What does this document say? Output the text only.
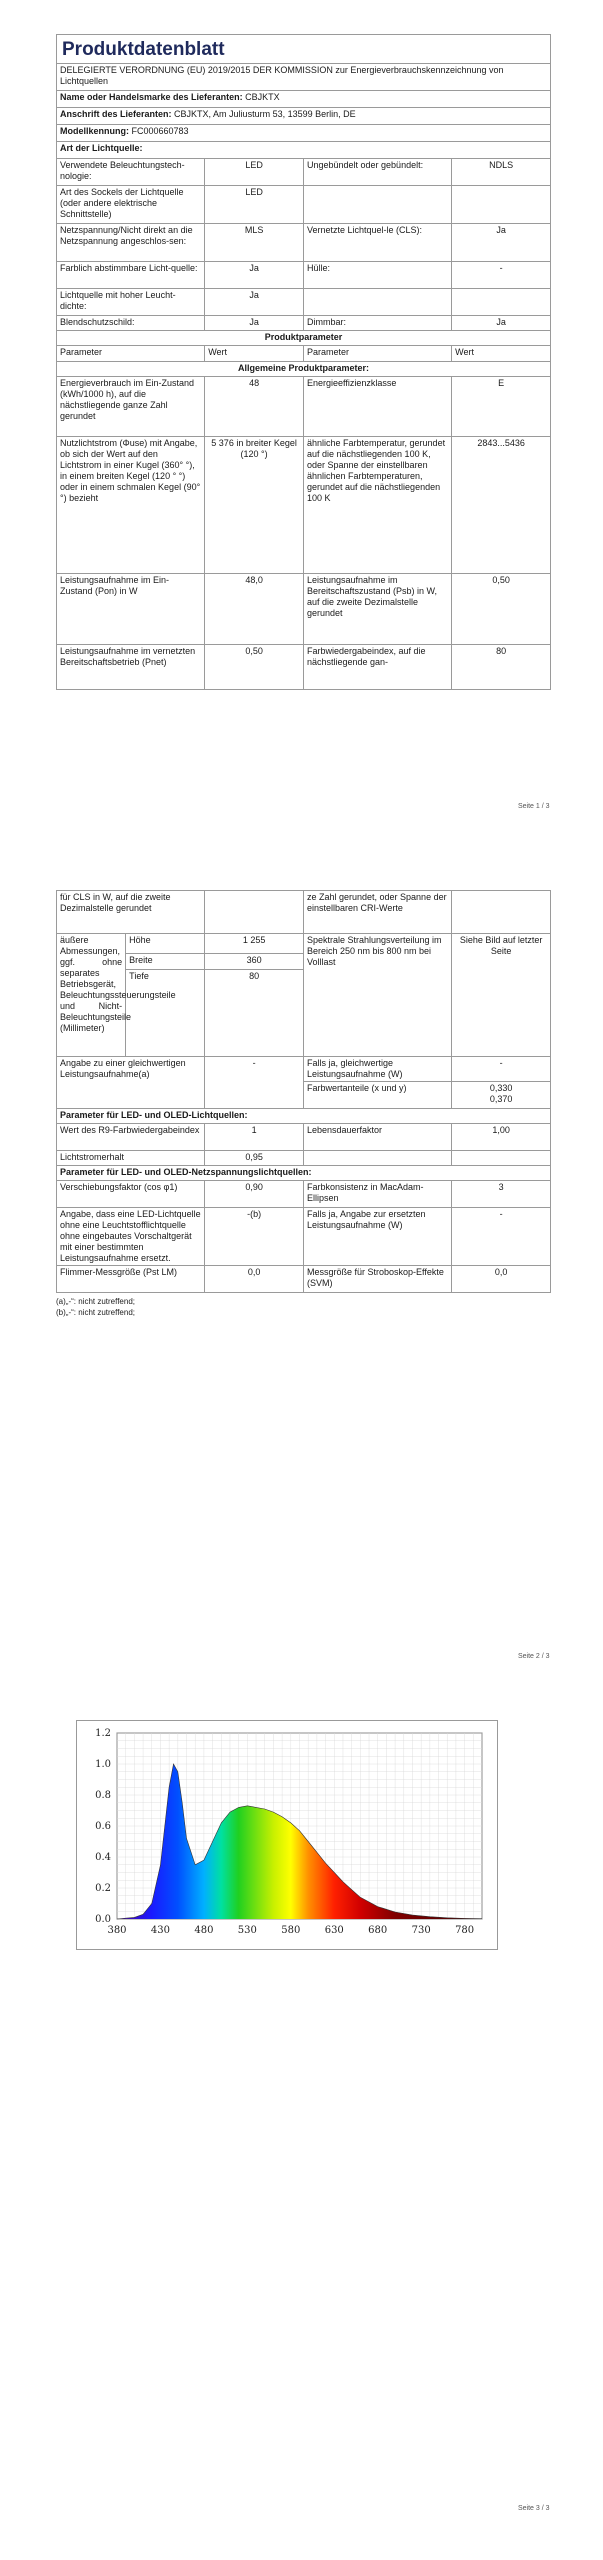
Produktdatenblatt
DELEGIERTE VERORDNUNG (EU) 2019/2015 DER KOMMISSION zur Energieverbrauchskennzeichnung von Lichtquellen			
Name oder Handelsmarke des Lieferanten: CBJKTX			
Anschrift des Lieferanten: CBJKTX, Am Juliusturm 53, 13599 Berlin, DE			
Modellkennung: FC000660783			
Art der Lichtquelle:			
Verwendete Beleuchtungstech-nologie:	LED	Ungebündelt oder gebündelt:	NDLS
Art des Sockels der Lichtquelle (oder andere elektrische Schnittstelle)	LED		
Netzspannung/Nicht direkt an die Netzspannung angeschlos-sen:	MLS	Vernetzte Lichtquel-le (CLS):	Ja
Farblich abstimmbare Licht-quelle:	Ja	Hülle:	-
Lichtquelle mit hoher Leucht-dichte:	Ja		
Blendschutzschild:	Ja	Dimmbar:	Ja
Produktparameter			
Parameter	Wert	Parameter	Wert
Allgemeine Produktparameter:			
Energieverbrauch im Ein-Zustand (kWh/1000 h), auf die nächstliegende ganze Zahl gerundet	48	Energieeffizienzklasse	E
Nutzlichtstrom (Φuse) mit Angabe, ob sich der Wert auf den Lichtstrom in einer Kugel (360° °), in einem breiten Kegel (120 ° °) oder in einem schmalen Kegel (90° °) bezieht	5 376 in breiter Kegel (120 °)	ähnliche Farbtemperatur, gerundet auf die nächstliegenden 100 K, oder Spanne der einstellbaren ähnlichen Farbtemperaturen, gerundet auf die nächstliegenden 100 K	2843...5436
Leistungsaufnahme im Ein-Zustand (Pon) in W	48,0	Leistungsaufnahme im Bereitschaftszustand (Psb) in W, auf die zweite Dezimalstelle gerundet	0,50
Leistungsaufnahme im vernetzten Bereitschaftsbetrieb (Pnet)	0,50	Farbwiedergabeindex, auf die nächstliegende gan-	80
Seite 1 / 3
für CLS in W, auf die zweite Dezimalstelle gerundet			ze Zahl gerundet, oder Spanne der einstellbaren CRI-Werte	
äußere Abmessungen, ggf. ohne separates Betriebsgerät, Beleuchtungssteuerungsteile und Nicht-Beleuchtungsteile (Millimeter)	Höhe	1 255	Spektrale Strahlungsverteilung im Bereich 250 nm bis 800 nm bei Volllast	Siehe Bild auf letzter Seite
	Breite	360		
	Tiefe	80		
Angabe zu einer gleichwertigen Leistungsaufnahme(a)		-	Falls ja, gleichwertige Leistungsaufnahme (W)	-
			Farbwertanteile (x und y)	0,330
0,370

Parameter für LED- und OLED-Lichtquellen:				
Wert des R9-Farbwiedergabeindex		1	Lebensdauerfaktor	1,00
Lichtstromerhalt		0,95		
Parameter für LED- und OLED-Netzspannungslichtquellen:				
Verschiebungsfaktor (cos φ1)		0,90	Farbkonsistenz in MacAdam-Ellipsen	3
Angabe, dass eine LED-Lichtquelle ohne eine Leuchtstofflichtquelle ohne eingebautes Vorschaltgerät mit einer bestimmten Leistungsaufnahme ersetzt.		-(b)	Falls ja, Angabe zur ersetzten Leistungsaufnahme (W)	-
Flimmer-Messgröße (Pst LM)		0,0	Messgröße für Stroboskop-Effekte (SVM)	0,0
(a)„-“: nicht zutreffend;
(b)„-“: nicht zutreffend;
Seite 2 / 3
Seite 3 / 3
0.0
0.2
0.4
0.6
0.8
1.0
1.2
380 430 480 530 580 630 680 730 780
